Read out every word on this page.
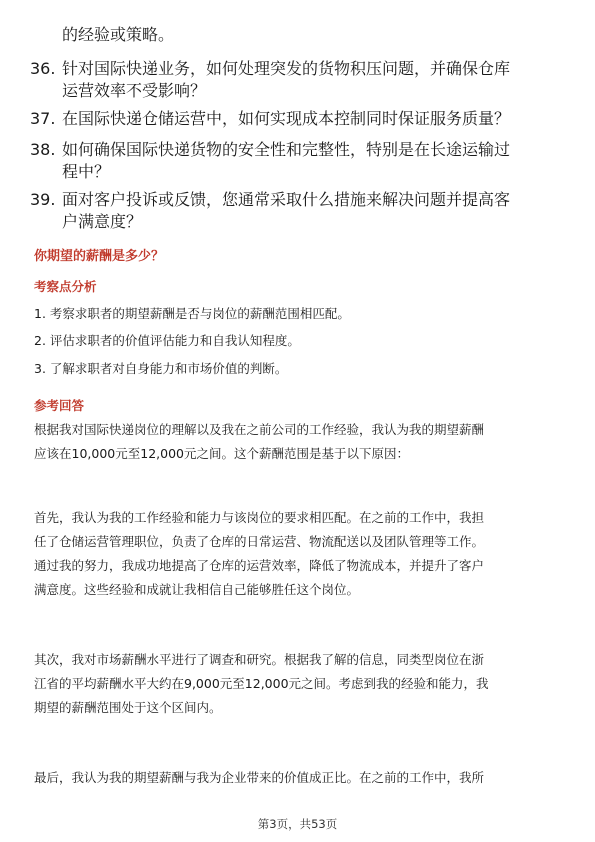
的经验或策略。
36. 针对国际快递业务，如何处理突发的货物积压问题，并确保仓库
运营效率不受影响？
37. 在国际快递仓储运营中，如何实现成本控制同时保证服务质量？
38. 如何确保国际快递货物的安全性和完整性，特别是在长途运输过
程中？
39. 面对客户投诉或反馈，您通常采取什么措施来解决问题并提高客
户满意度？
你期望的薪酬是多少？
考察点分析
1. 考察求职者的期望薪酬是否与岗位的薪酬范围相匹配。
2. 评估求职者的价值评估能力和自我认知程度。
3. 了解求职者对自身能力和市场价值的判断。
参考回答
根据我对国际快递岗位的理解以及我在之前公司的工作经验，我认为我的期望薪酬
应该在10,000元至12,000元之间。这个薪酬范围是基于以下原因：
首先，我认为我的工作经验和能力与该岗位的要求相匹配。在之前的工作中，我担
任了仓储运营管理职位，负责了仓库的日常运营、物流配送以及团队管理等工作。
通过我的努力，我成功地提高了仓库的运营效率，降低了物流成本，并提升了客户
满意度。这些经验和成就让我相信自己能够胜任这个岗位。
其次，我对市场薪酬水平进行了调查和研究。根据我了解的信息，同类型岗位在浙
江省的平均薪酬水平大约在9,000元至12,000元之间。考虑到我的经验和能力，我
期望的薪酬范围处于这个区间内。
最后，我认为我的期望薪酬与我为企业带来的价值成正比。在之前的工作中，我所
第3页，共53页
